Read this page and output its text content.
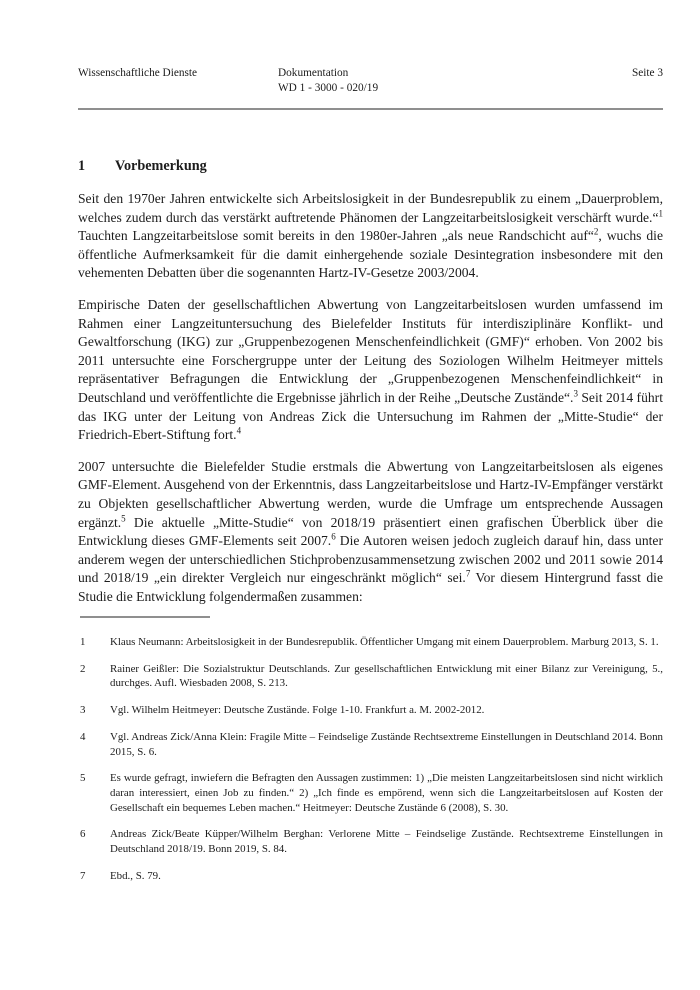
Wissenschaftliche Dienste	Dokumentation
WD 1 - 3000 - 020/19
Seite 3
1	Vorbemerkung

Seit den 1970er Jahren entwickelte sich Arbeitslosigkeit in der Bundesrepublik zu einem „Dauerproblem, welches zudem durch das verstärkt auftretende Phänomen der Langzeitarbeitslosigkeit verschärft wurde.“$^1$ Tauchten Langzeitarbeitslose somit bereits in den 1980er-Jahren „als neue Randschicht auf“$^2$, wuchs die öffentliche Aufmerksamkeit für die damit einhergehende soziale Desintegration insbesondere mit den vehementen Debatten über die sogenannten Hartz-IV-Gesetze 2003/2004.

Empirische Daten der gesellschaftlichen Abwertung von Langzeitarbeitslosen wurden umfassend im Rahmen einer Langzeituntersuchung des Bielefelder Instituts für interdisziplinäre Konflikt- und Gewaltforschung (IKG) zur „Gruppenbezogenen Menschenfeindlichkeit (GMF)“ erhoben. Von 2002 bis 2011 untersuchte eine Forschergruppe unter der Leitung des Soziologen Wilhelm Heitmeyer mittels repräsentativer Befragungen die Entwicklung der „Gruppenbezogenen Menschenfeindlichkeit“ in Deutschland und veröffentlichte die Ergebnisse jährlich in der Reihe „Deutsche Zustände“.$^3$ Seit 2014 führt das IKG unter der Leitung von Andreas Zick die Untersuchung im Rahmen der „Mitte-Studie“ der Friedrich-Ebert-Stiftung fort.$^4$

2007 untersuchte die Bielefelder Studie erstmals die Abwertung von Langzeitarbeitslosen als eigenes GMF-Element. Ausgehend von der Erkenntnis, dass Langzeitarbeitslose und Hartz-IV-Empfänger verstärkt zu Objekten gesellschaftlicher Abwertung werden, wurde die Umfrage um entsprechende Aussagen ergänzt.$^5$ Die aktuelle „Mitte-Studie“ von 2018/19 präsentiert einen grafischen Überblick über die Entwicklung dieses GMF-Elements seit 2007.$^6$ Die Autoren weisen jedoch zugleich darauf hin, dass unter anderem wegen der unterschiedlichen Stichprobenzusammensetzung zwischen 2002 und 2011 sowie 2014 und 2018/19 „ein direkter Vergleich nur eingeschränkt möglich“ sei.$^7$ Vor diesem Hintergrund fasst die Studie die Entwicklung folgendermaßen zusammen:

1	Klaus Neumann: Arbeitslosigkeit in der Bundesrepublik. Öffentlicher Umgang mit einem Dauerproblem. Marburg 2013, S. 1.
2	Rainer Geißler: Die Sozialstruktur Deutschlands. Zur gesellschaftlichen Entwicklung mit einer Bilanz zur Vereinigung, 5., durchges. Aufl. Wiesbaden 2008, S. 213.
3	Vgl. Wilhelm Heitmeyer: Deutsche Zustände. Folge 1-10. Frankfurt a. M. 2002-2012.
4	Vgl. Andreas Zick/Anna Klein: Fragile Mitte – Feindselige Zustände Rechtsextreme Einstellungen in Deutschland 2014. Bonn 2015, S. 6.
5	Es wurde gefragt, inwiefern die Befragten den Aussagen zustimmen: 1) „Die meisten Langzeitarbeitslosen sind nicht wirklich daran interessiert, einen Job zu finden.“ 2) „Ich finde es empörend, wenn sich die Langzeitarbeitslosen auf Kosten der Gesellschaft ein bequemes Leben machen.“ Heitmeyer: Deutsche Zustände 6 (2008), S. 30.
6	Andreas Zick/Beate Küpper/Wilhelm Berghan: Verlorene Mitte – Feindselige Zustände. Rechtsextreme Einstellungen in Deutschland 2018/19. Bonn 2019, S. 84.
7	Ebd., S. 79.
